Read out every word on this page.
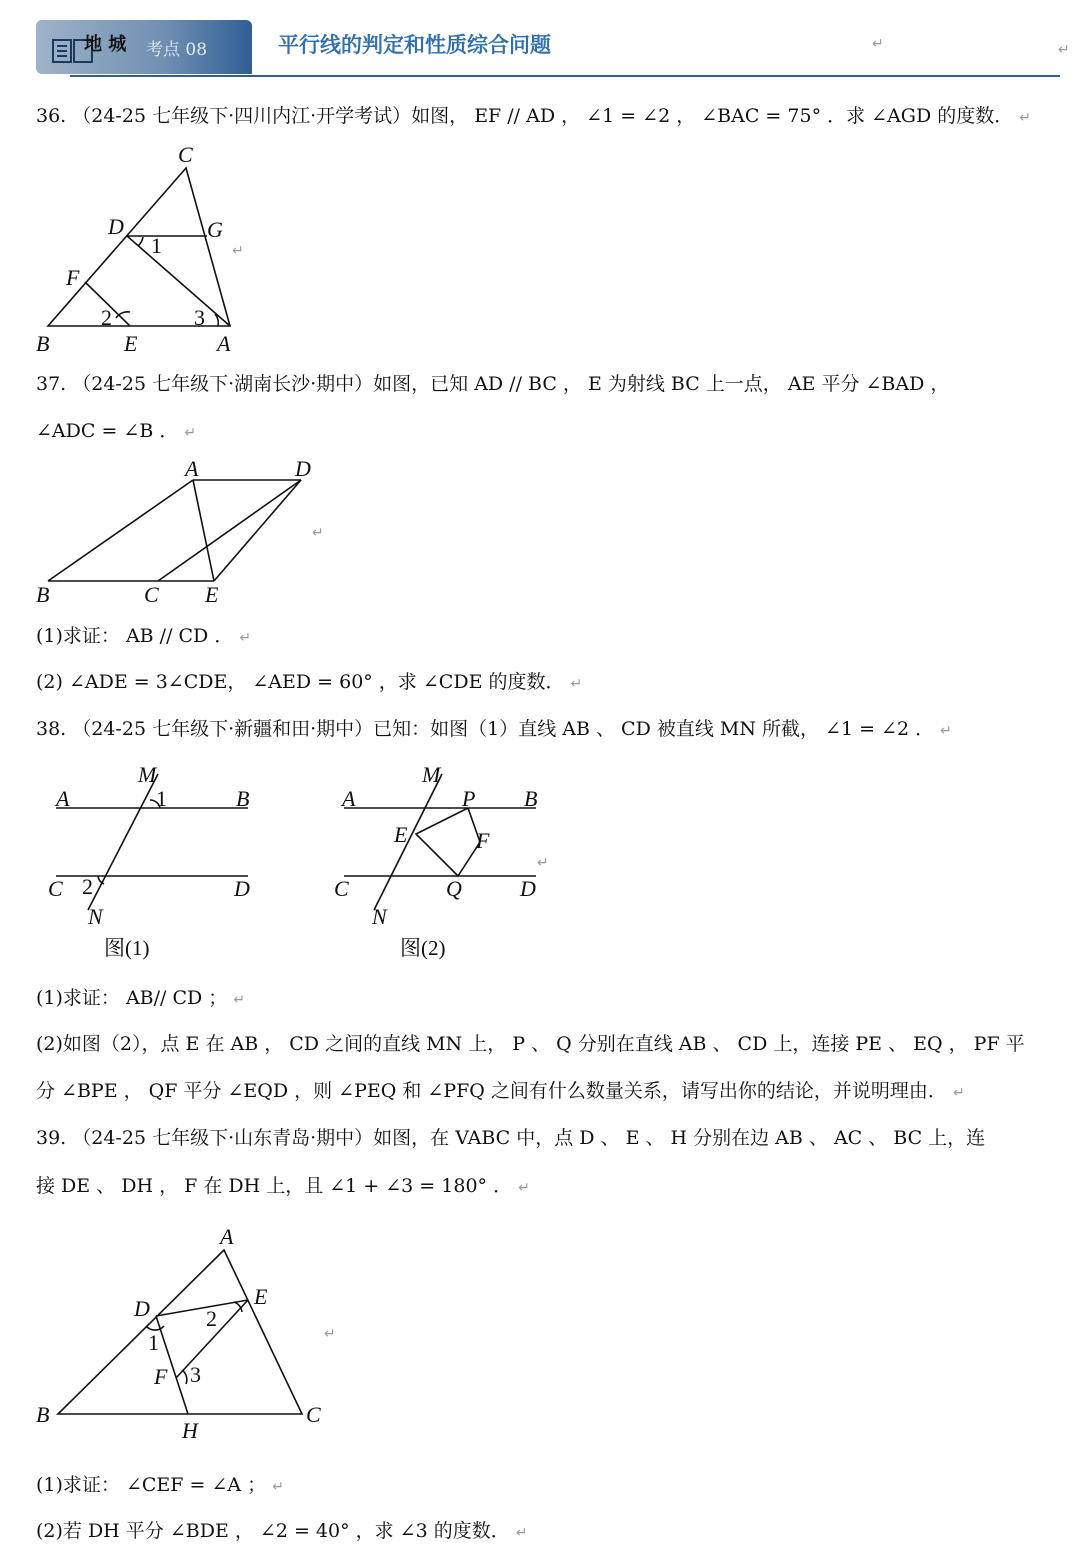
地 城 考点 08	平行线的判定和性质综合问题	↵	↵
36. （24-25 七年级下·四川内江·开学考试）如图， EF // AD ， ∠1 = ∠2 ， ∠BAC = 75° ．求 ∠AGD 的度数． ↵
C
D	G
F
B	E	A
1
2	3
↵
37. （24-25 七年级下·湖南长沙·期中）如图，已知 AD // BC ， E 为射线 BC 上一点， AE 平分 ∠BAD ，
∠ADC = ∠B ． ↵
A	D
B	C E
↵
(1)求证： AB // CD ． ↵
(2) ∠ADE = 3∠CDE， ∠AED = 60° ，求 ∠CDE 的度数． ↵
38. （24-25 七年级下·新疆和田·期中）已知：如图（1）直线 AB 、 CD 被直线 MN 所截， ∠1 = ∠2 ． ↵
M
A	B
1
C 2	D
N
图(1)
M
A	P B
E	F
C	Q	D
N
图(2)
↵
(1)求证： AB// CD ； ↵
(2)如图（2），点 E 在 AB ， CD 之间的直线 MN 上， P 、 Q 分别在直线 AB 、 CD 上，连接 PE 、 EQ ， PF 平
分 ∠BPE ， QF 平分 ∠EQD ，则 ∠PEQ 和 ∠PFQ 之间有什么数量关系，请写出你的结论，并说明理由． ↵
39. （24-25 七年级下·山东青岛·期中）如图，在 VABC 中，点 D 、 E 、 H 分别在边 AB 、 AC 、 BC 上，连
接 DE 、 DH ， F 在 DH 上，且 ∠1 + ∠3 = 180° ． ↵
A
D	E
2
1
F 3
B	C
H
↵
(1)求证： ∠CEF = ∠A ； ↵
(2)若 DH 平分 ∠BDE ， ∠2 = 40° ，求 ∠3 的度数． ↵
